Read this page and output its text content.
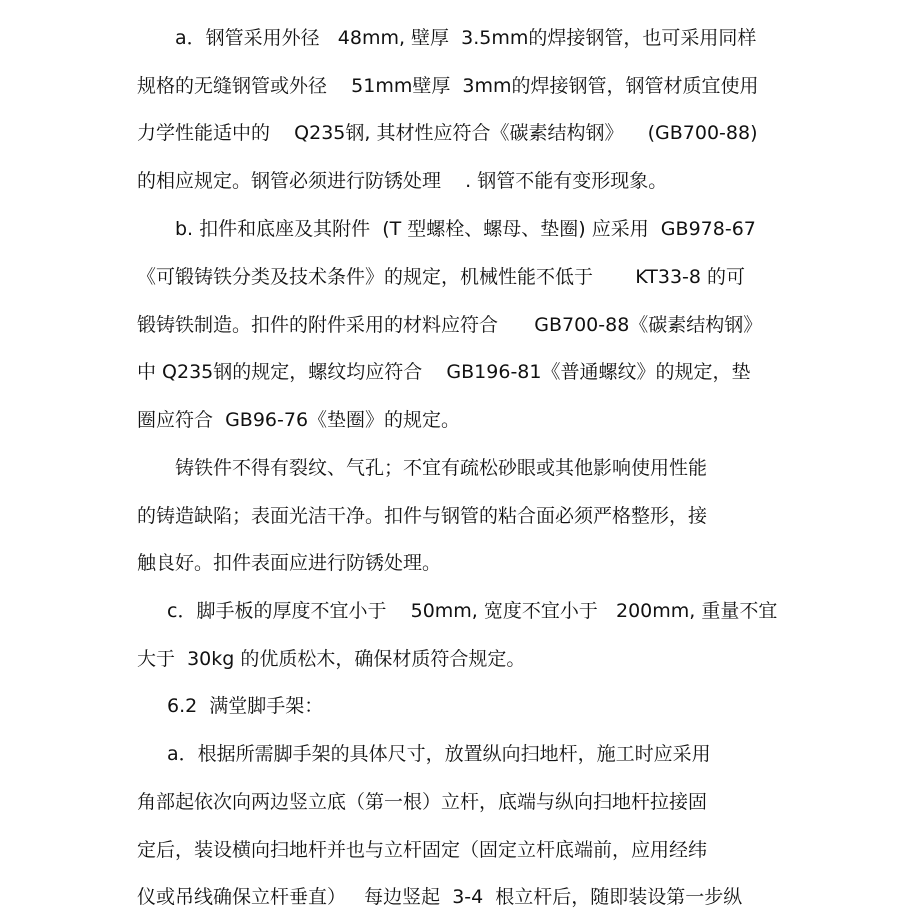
a．钢管采用外径   48mm, 壁厚  3.5mm的焊接钢管，也可采用同样
规格的无缝钢管或外径    51mm壁厚  3mm的焊接钢管，钢管材质宜使用
力学性能适中的    Q235钢, 其材性应符合《碳素结构钢》    (GB700-88)
的相应规定。钢管必须进行防锈处理    . 钢管不能有变形现象。
b. 扣件和底座及其附件  (T 型螺栓、螺母、垫圈) 应采用  GB978-67
《可锻铸铁分类及技术条件》的规定，机械性能不低于       KT33-8 的可
锻铸铁制造。扣件的附件采用的材料应符合      GB700-88《碳素结构钢》
中 Q235钢的规定，螺纹均应符合    GB196-81《普通螺纹》的规定，垫
圈应符合  GB96-76《垫圈》的规定。
铸铁件不得有裂纹、气孔；不宜有疏松砂眼或其他影响使用性能
的铸造缺陷；表面光洁干净。扣件与钢管的粘合面必须严格整形，接
触良好。扣件表面应进行防锈处理。
c．脚手板的厚度不宜小于    50mm, 宽度不宜小于   200mm, 重量不宜
大于  30kg 的优质松木，确保材质符合规定。
6.2  满堂脚手架：
a．根据所需脚手架的具体尺寸，放置纵向扫地杆，施工时应采用
角部起依次向两边竖立底（第一根）立杆，底端与纵向扫地杆拉接固
定后，装设横向扫地杆并也与立杆固定（固定立杆底端前，应用经纬
仪或吊线确保立杆垂直）   每边竖起  3-4  根立杆后，随即装设第一步纵
